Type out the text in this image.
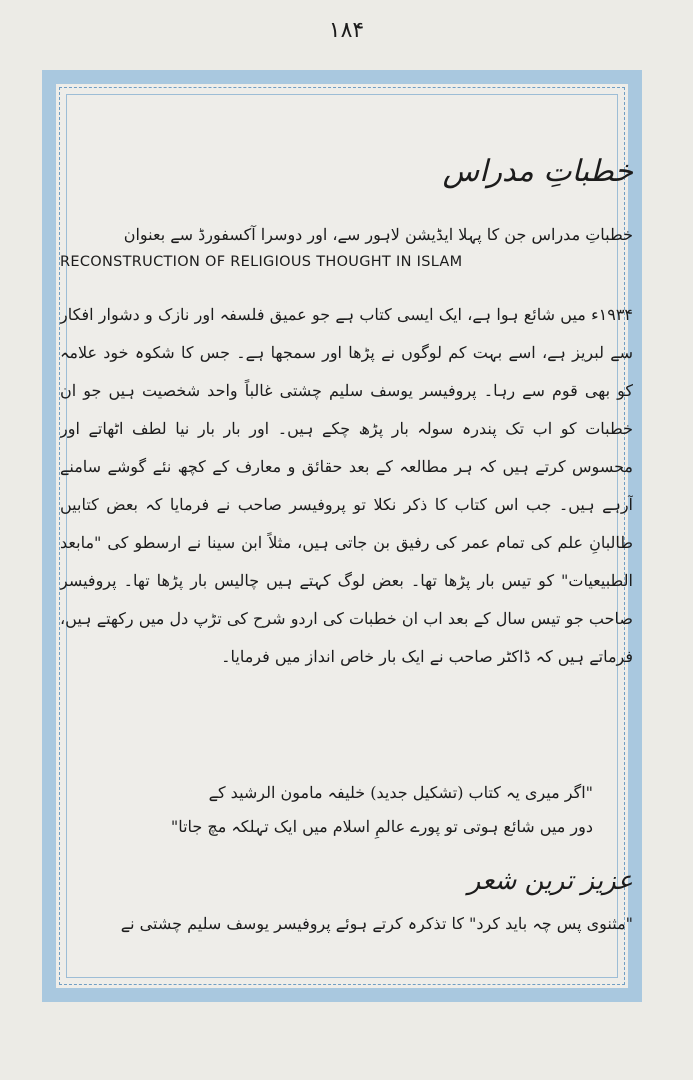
۱۸۴
خطباتِ مدراس

خطباتِ مدراس جن کا پہلا ایڈیشن لاہور سے، اور دوسرا آکسفورڈ سے بعنوان

RECONSTRUCTION OF RELIGIOUS THOUGHT IN ISLAM

۱۹۳۴ء میں شائع ہوا ہے، ایک ایسی کتاب ہے جو عمیق فلسفہ اور نازک و دشوار افکار سے لبریز ہے، اسے بہت کم لوگوں نے پڑھا اور سمجھا ہے۔ جس کا شکوہ خود علامہ کو بھی قوم سے رہا۔ پروفیسر یوسف سلیم چشتی غالباً واحد شخصیت ہیں جو ان خطبات کو اب تک پندرہ سولہ بار پڑھ چکے ہیں۔ اور بار بار نیا لطف اٹھاتے اور محسوس کرتے ہیں کہ ہر مطالعہ کے بعد حقائق و معارف کے کچھ نئے گوشے سامنے آرہے ہیں۔ جب اس کتاب کا ذکر نکلا تو پروفیسر صاحب نے فرمایا کہ بعض کتابیں طالبانِ علم کی تمام عمر کی رفیق بن جاتی ہیں، مثلاً ابن سینا نے ارسطو کی "مابعد الطبیعیات" کو تیس بار پڑھا تھا۔ بعض لوگ کہتے ہیں چالیس بار پڑھا تھا۔ پروفیسر صاحب جو تیس سال کے بعد اب ان خطبات کی اردو شرح کی تڑپ دل میں رکھتے ہیں، فرماتے ہیں کہ ڈاکٹر صاحب نے ایک بار خاص انداز میں فرمایا۔

"اگر میری یہ کتاب (تشکیل جدید) خلیفہ مامون الرشید کے
دور میں شائع ہوتی تو پورے عالمِ اسلام میں ایک تہلکہ مچ جاتا"
عزیز ترین شعر
"مثنوی پس چہ باید کرد" کا تذکرہ کرتے ہوئے پروفیسر یوسف سلیم چشتی نے
